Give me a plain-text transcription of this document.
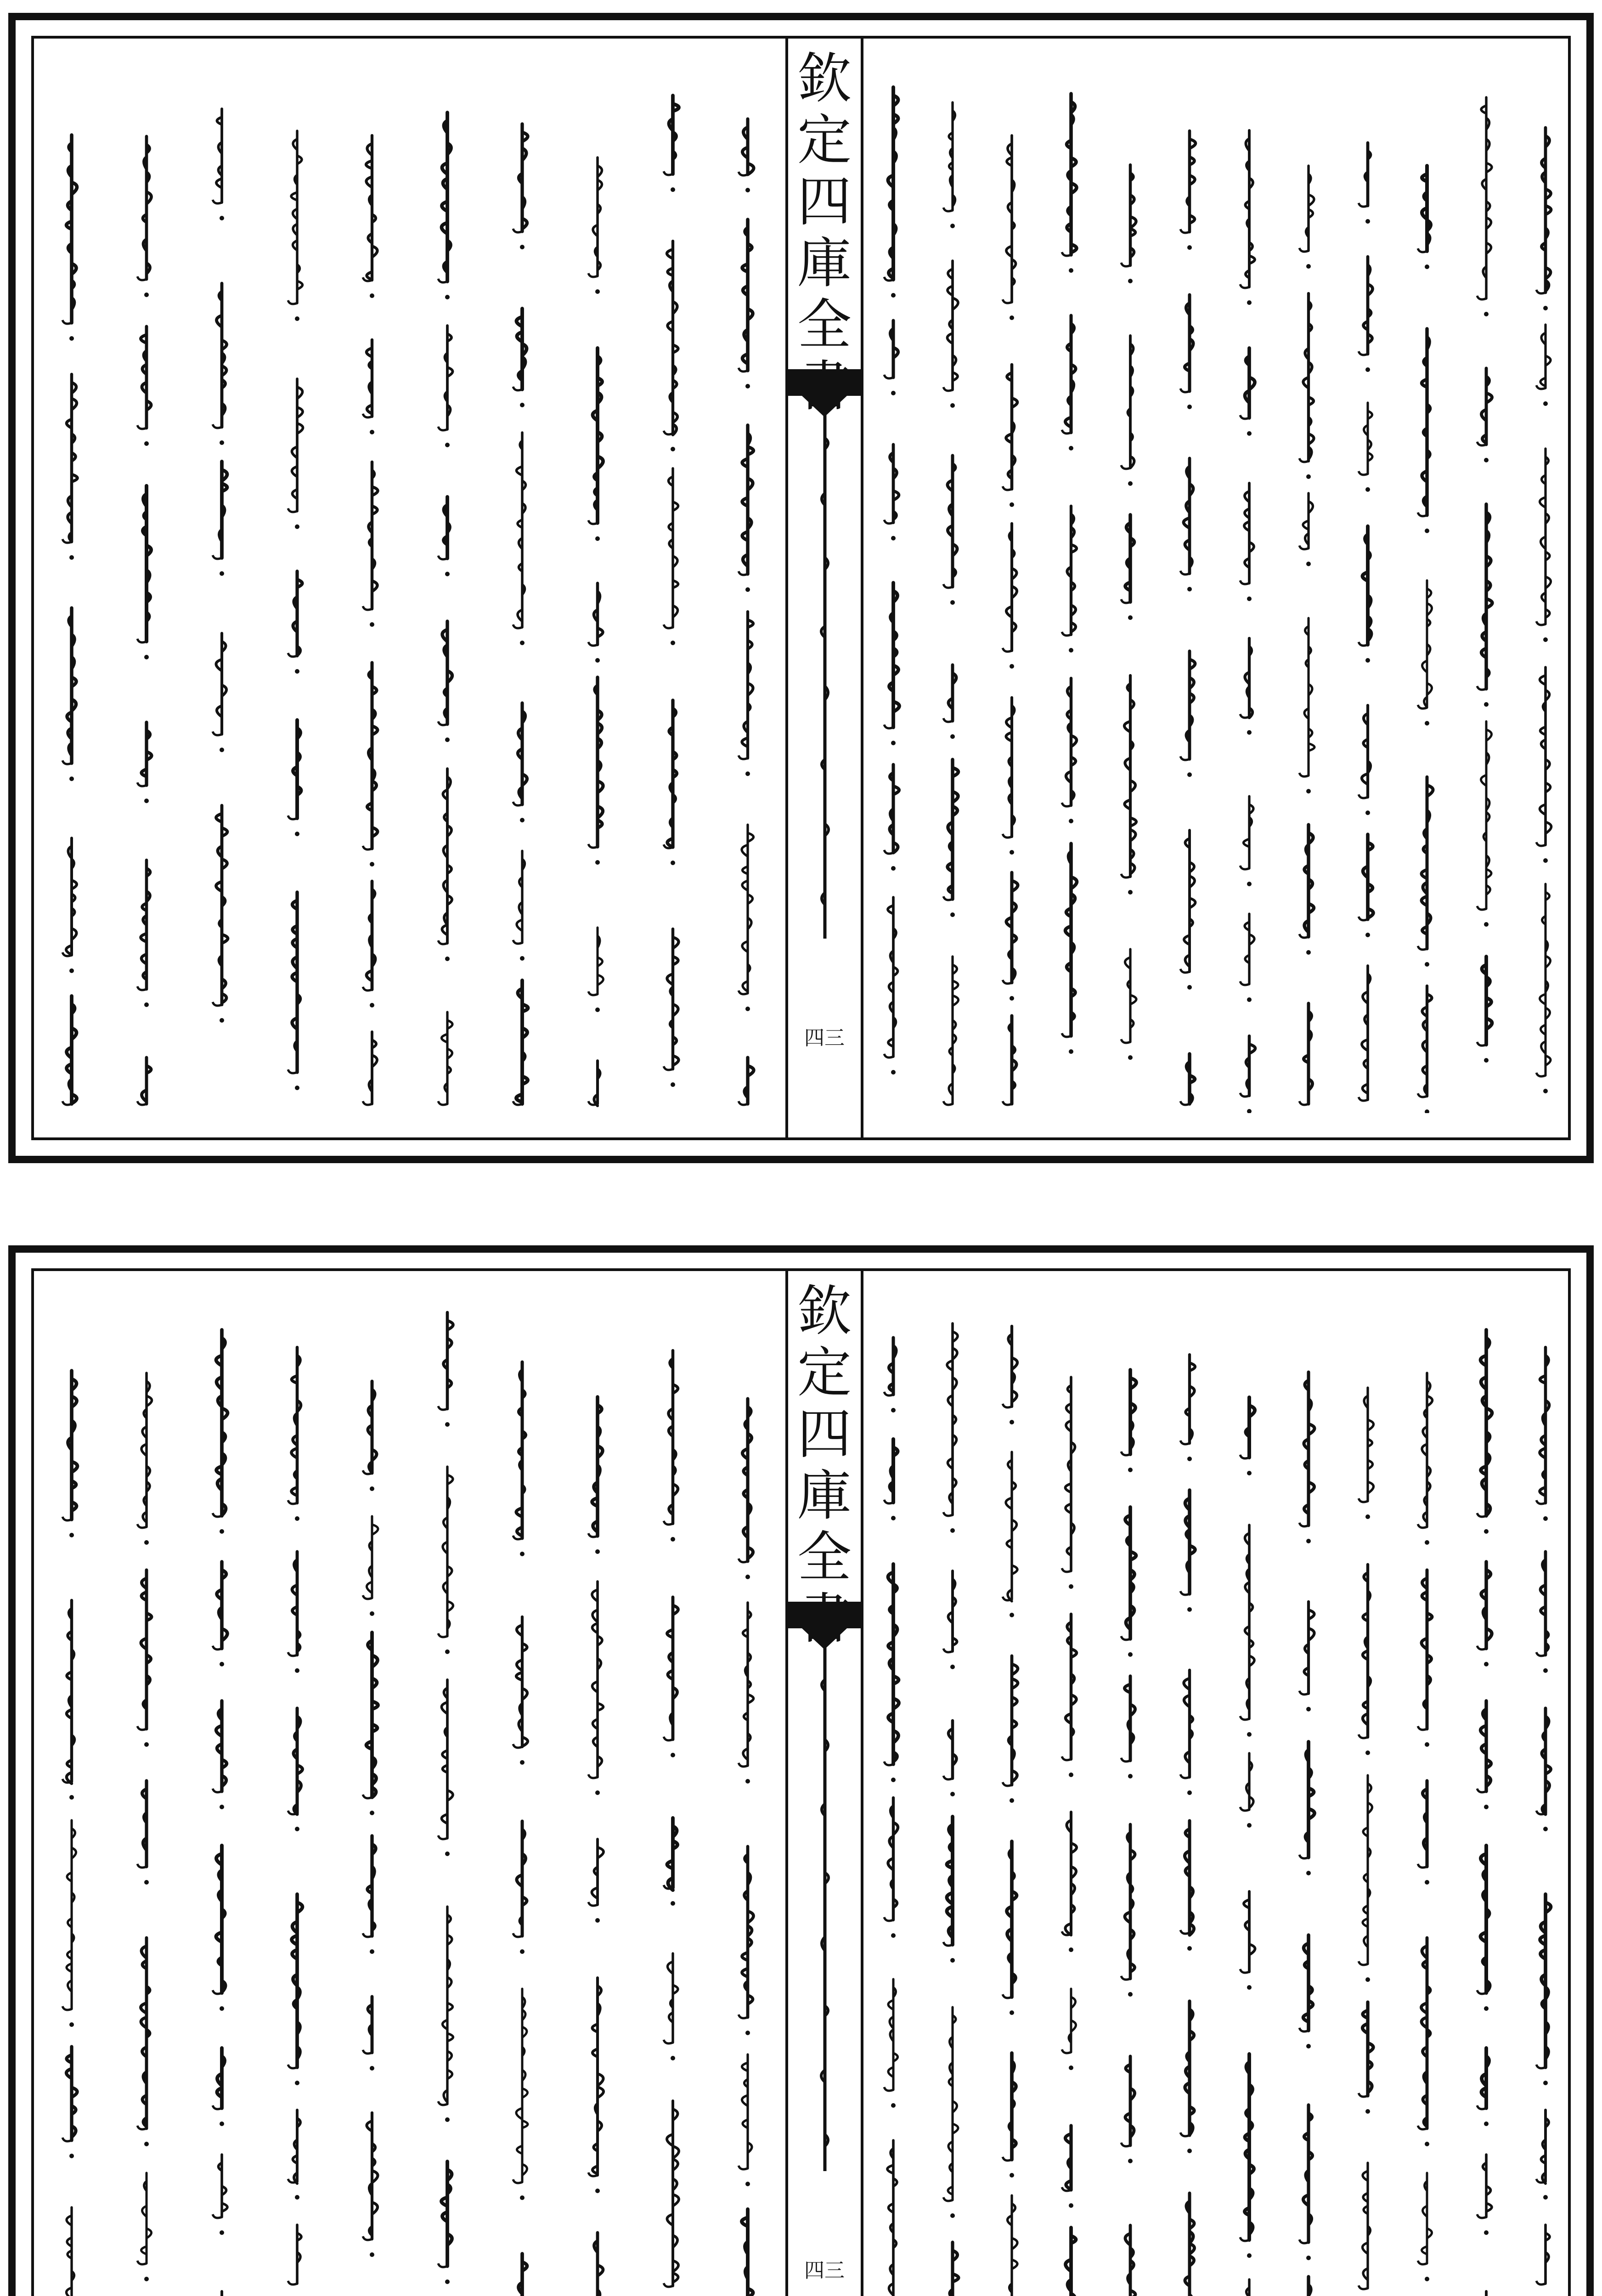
欽
定
四
庫
全
四三
欽
定
四
庫
全
四三
